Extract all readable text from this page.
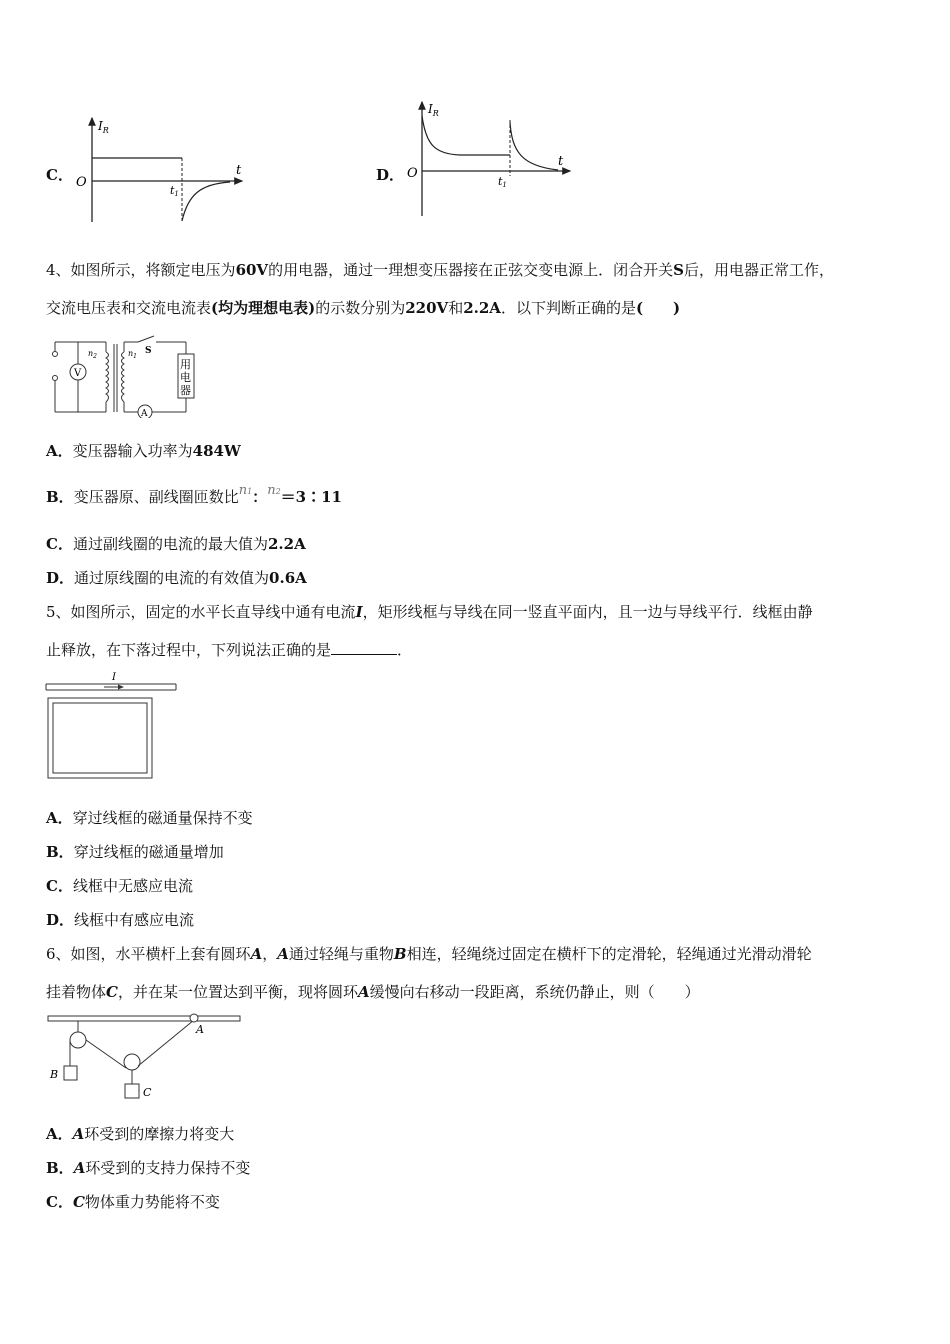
C．
$I_R$
O
t
t1
D．
$I_R$
O
t
t1
4、如图所示，将额定电压为60V的用电器，通过一理想变压器接在正弦交变电源上．闭合开关S后，用电器正常工作，
交流电压表和交流电流表(均为理想电表)的示数分别为220V和2.2A．以下判断正确的是(　　)
V
$n_2$	$n_1$
S
用
电
器
A
A．变压器输入功率为484W
B．变压器原、副线圈匝数比n1：n2＝3∶11
C．通过副线圈的电流的最大值为2.2A
D．通过原线圈的电流的有效值为0.6A
5、如图所示，固定的水平长直导线中通有电流I，矩形线框与导线在同一竖直平面内，且一边与导线平行．线框由静
止释放，在下落过程中，下列说法正确的是	．
I
A．穿过线框的磁通量保持不变
B．穿过线框的磁通量增加
C．线框中无感应电流
D．线框中有感应电流
6、如图，水平横杆上套有圆环A，A通过轻绳与重物B相连，轻绳绕过固定在横杆下的定滑轮，轻绳通过光滑动滑轮
挂着物体C，并在某一位置达到平衡，现将圆环A缓慢向右移动一段距离，系统仍静止，则（　　）
B
A
C
A．A环受到的摩擦力将变大
B．A环受到的支持力保持不变
C．C物体重力势能将不变
